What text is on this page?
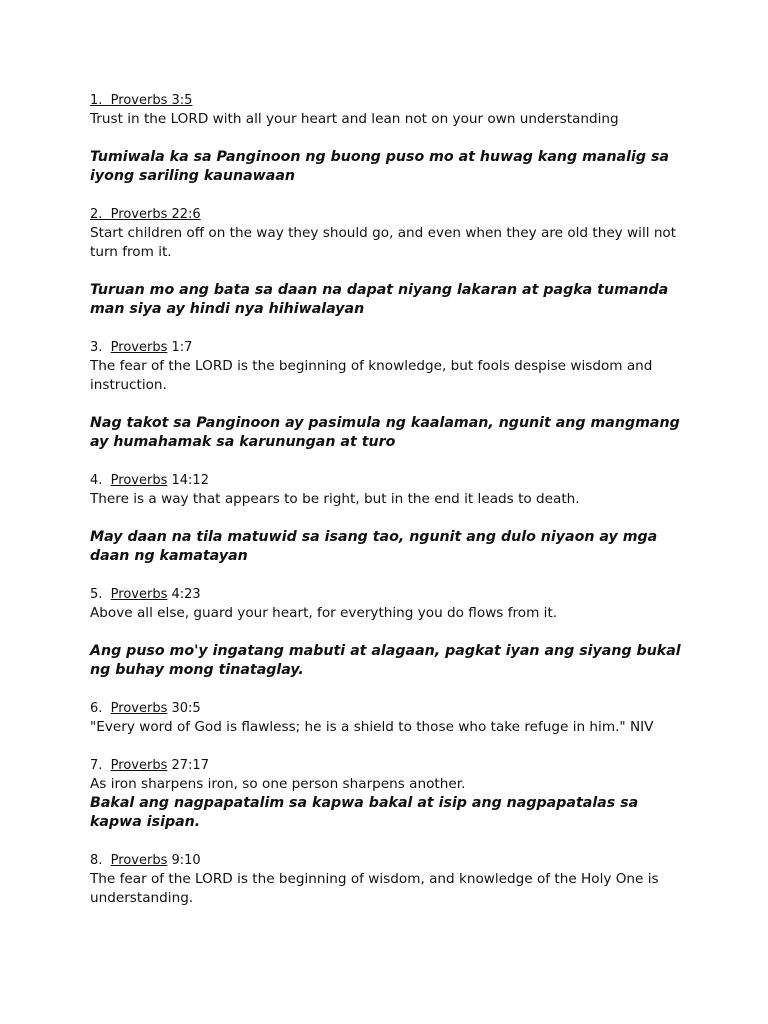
1. Proverbs 3:5

Trust in the LORD with all your heart and lean not on your own understanding

Tumiwala ka sa Panginoon ng buong puso mo at huwag kang manalig sa iyong sariling kaunawaan

2. Proverbs 22:6

Start children off on the way they should go, and even when they are old they will not turn from it.

Turuan mo ang bata sa daan na dapat niyang lakaran at pagka tumanda man siya ay hindi nya hihiwalayan

3. Proverbs 1:7

The fear of the LORD is the beginning of knowledge, but fools despise wisdom and instruction.

Nag takot sa Panginoon ay pasimula ng kaalaman, ngunit ang mangmang ay humahamak sa karunungan at turo

4. Proverbs 14:12

There is a way that appears to be right, but in the end it leads to death.

May daan na tila matuwid sa isang tao, ngunit ang dulo niyaon ay mga daan ng kamatayan

5. Proverbs 4:23

Above all else, guard your heart, for everything you do flows from it.

Ang puso mo'y ingatang mabuti at alagaan, pagkat iyan ang siyang bukal ng buhay mong tinataglay.

6. Proverbs 30:5

"Every word of God is flawless; he is a shield to those who take refuge in him." NIV

7. Proverbs 27:17

As iron sharpens iron, so one person sharpens another.

Bakal ang nagpapatalim sa kapwa bakal at isip ang nagpapatalas sa kapwa isipan.

8. Proverbs 9:10

The fear of the LORD is the beginning of wisdom, and knowledge of the Holy One is understanding.
